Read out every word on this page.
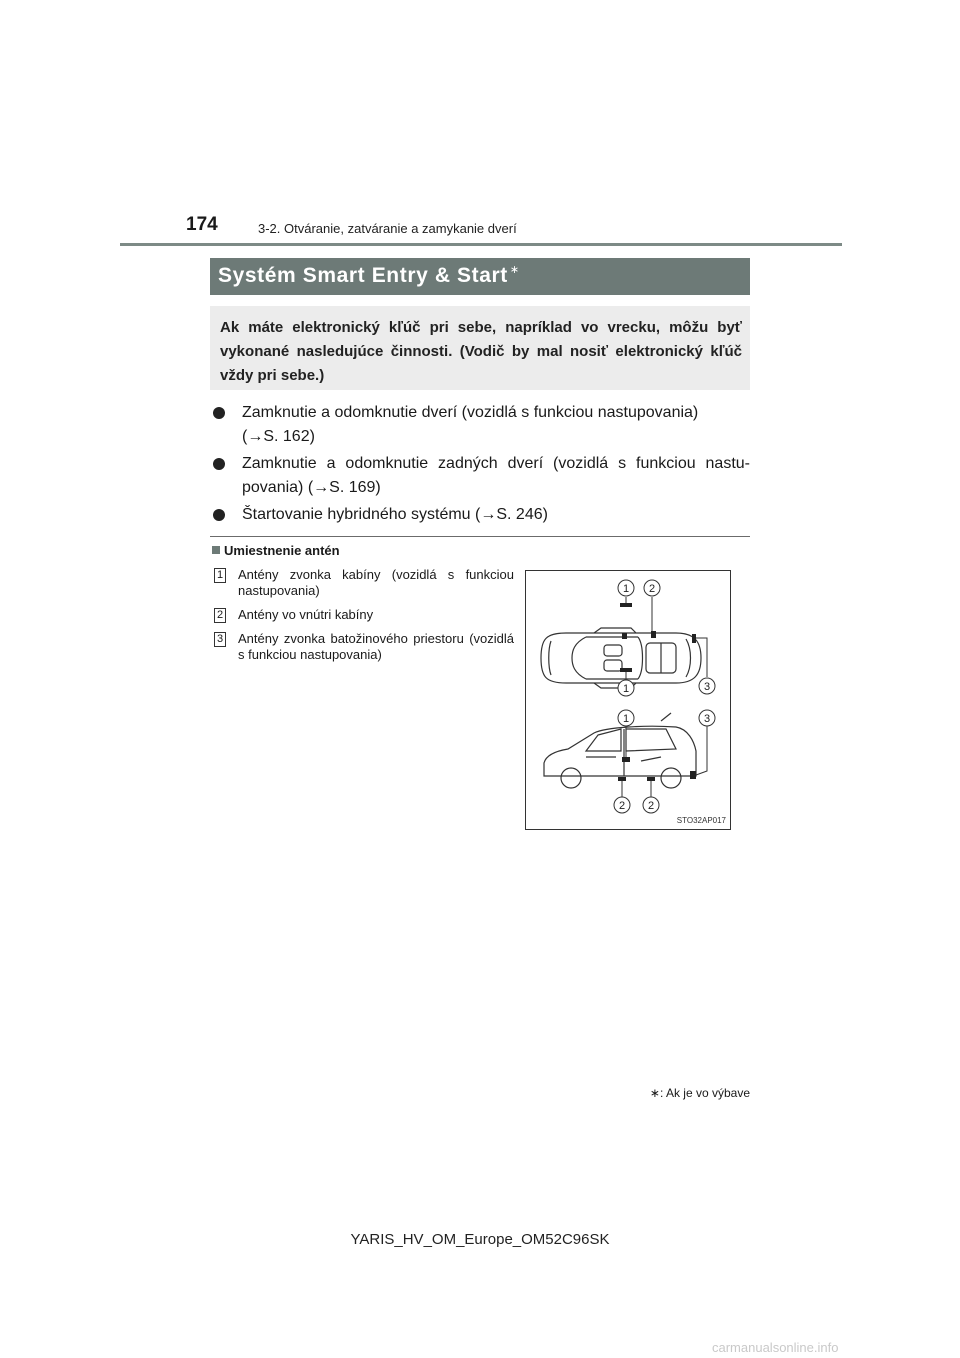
174	3-2. Otváranie, zatváranie a zamykanie dverí
Systém Smart Entry & Start ∗
Ak máte elektronický kľúč pri sebe, napríklad vo vrecku, môžu byť vykonané nasledujúce činnosti. (Vodič by mal nosiť elektronický kľúč vždy pri sebe.)
Zamknutie a odomknutie dverí (vozidlá s funkciou nastupovania)
(→S. 162)
Zamknutie a odomknutie zadných dverí (vozidlá s funkciou nastupovania) (→S. 169)
Štartovanie hybridného systému (→S. 246)
Umiestnenie antén
1 Antény zvonka kabíny (vozidlá s funkciou nastupovania)
2 Antény vo vnútri kabíny
3 Antény zvonka batožinového priestoru (vozidlá s funkciou nastupovania)
1 2
1	3
1	3
2 2
STO32AP017
∗: Ak je vo výbave
YARIS_HV_OM_Europe_OM52C96SK
carmanualsonline.info
